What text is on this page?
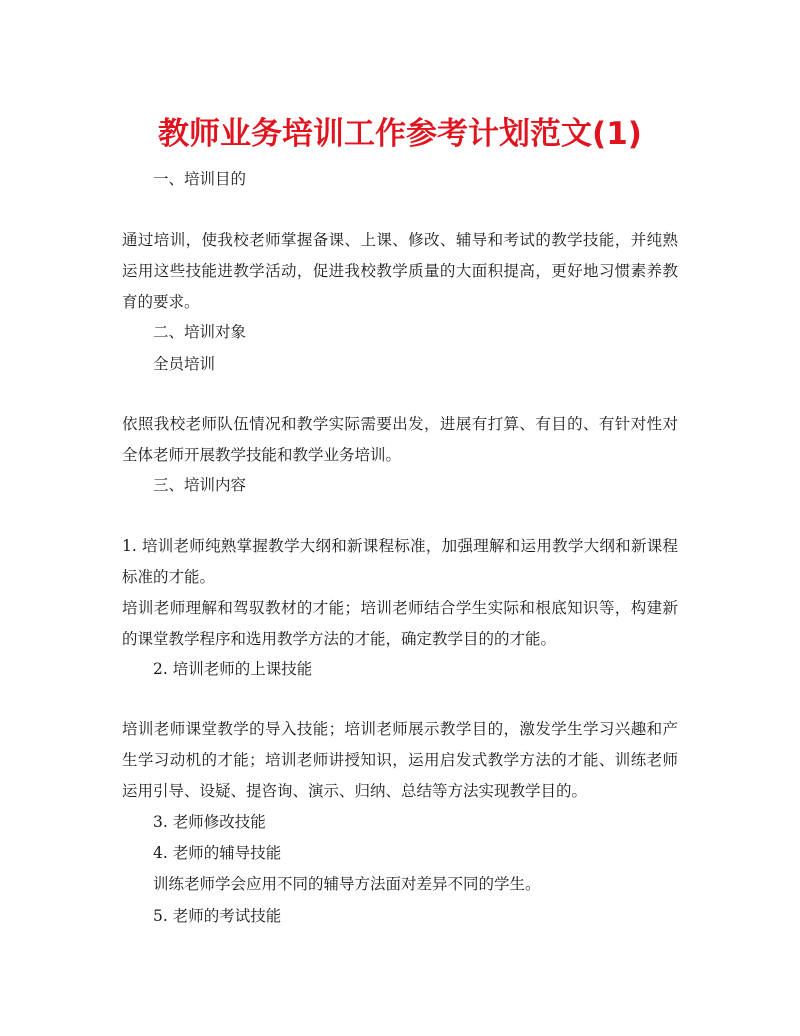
教师业务培训工作参考计划范文(1)
一、培训目的
通过培训，使我校老师掌握备课、上课、修改、辅导和考试的教学技能，并纯熟运用这些技能进教学活动，促进我校教学质量的大面积提高，更好地习惯素养教育的要求。
二、培训对象
全员培训
依照我校老师队伍情况和教学实际需要出发，进展有打算、有目的、有针对性对全体老师开展教学技能和教学业务培训。
三、培训内容
1. 培训老师纯熟掌握教学大纲和新课程标准，加强理解和运用教学大纲和新课程标准的才能。
培训老师理解和驾驭教材的才能；培训老师结合学生实际和根底知识等，构建新的课堂教学程序和选用教学方法的才能，确定教学目的的才能。
2. 培训老师的上课技能
培训老师课堂教学的导入技能；培训老师展示教学目的，激发学生学习兴趣和产生学习动机的才能；培训老师讲授知识，运用启发式教学方法的才能、训练老师运用引导、设疑、提咨询、演示、归纳、总结等方法实现教学目的。
3. 老师修改技能
4. 老师的辅导技能
训练老师学会应用不同的辅导方法面对差异不同的学生。
5. 老师的考试技能
